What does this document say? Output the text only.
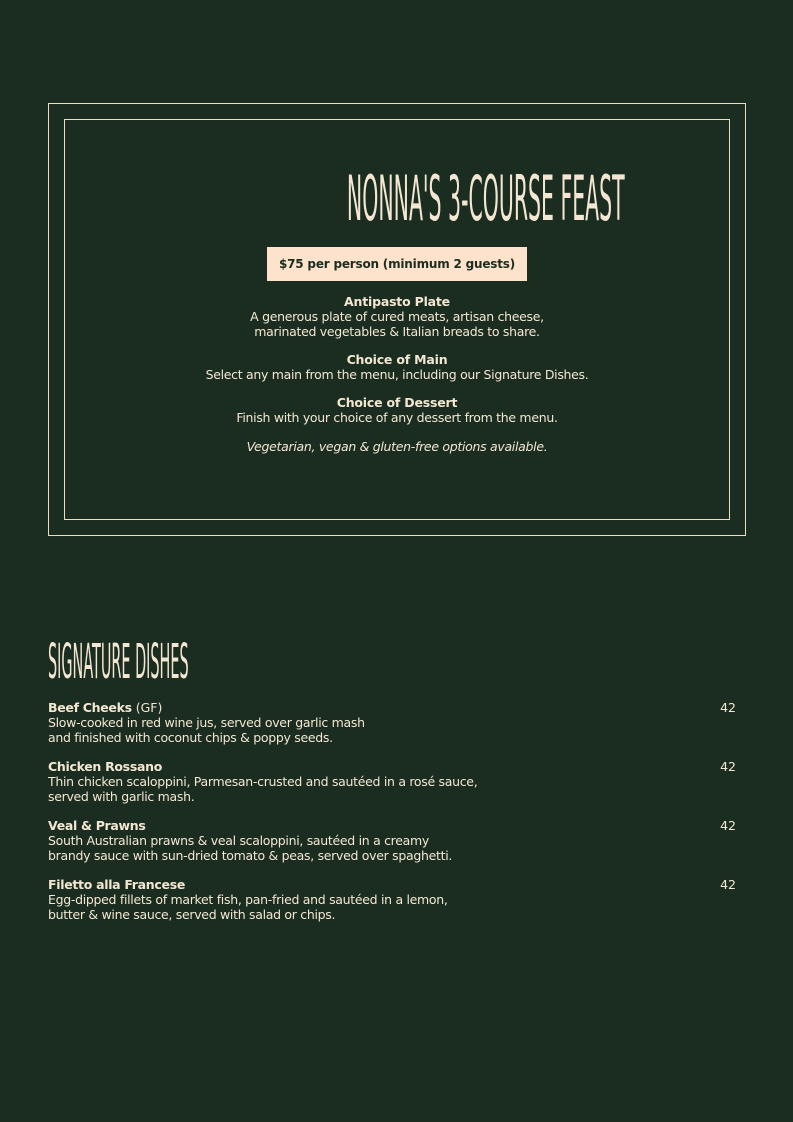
NONNA'S 3-COURSE FEAST
$75 per person (minimum 2 guests)
Antipasto Plate
A generous plate of cured meats, artisan cheese,
marinated vegetables & Italian breads to share.
Choice of Main
Select any main from the menu, including our Signature Dishes.
Choice of Dessert
Finish with your choice of any dessert from the menu.
Vegetarian, vegan & gluten-free options available.
SIGNATURE DISHES
Beef Cheeks (GF)
Slow-cooked in red wine jus, served over garlic mash
and finished with coconut chips & poppy seeds.
42
Chicken Rossano
Thin chicken scaloppini, Parmesan-crusted and sautéed in a rosé sauce,
served with garlic mash.
42
Veal & Prawns
South Australian prawns & veal scaloppini, sautéed in a creamy
brandy sauce with sun-dried tomato & peas, served over spaghetti.
42
Filetto alla Francese
Egg-dipped fillets of market fish, pan-fried and sautéed in a lemon,
butter & wine sauce, served with salad or chips.
42
